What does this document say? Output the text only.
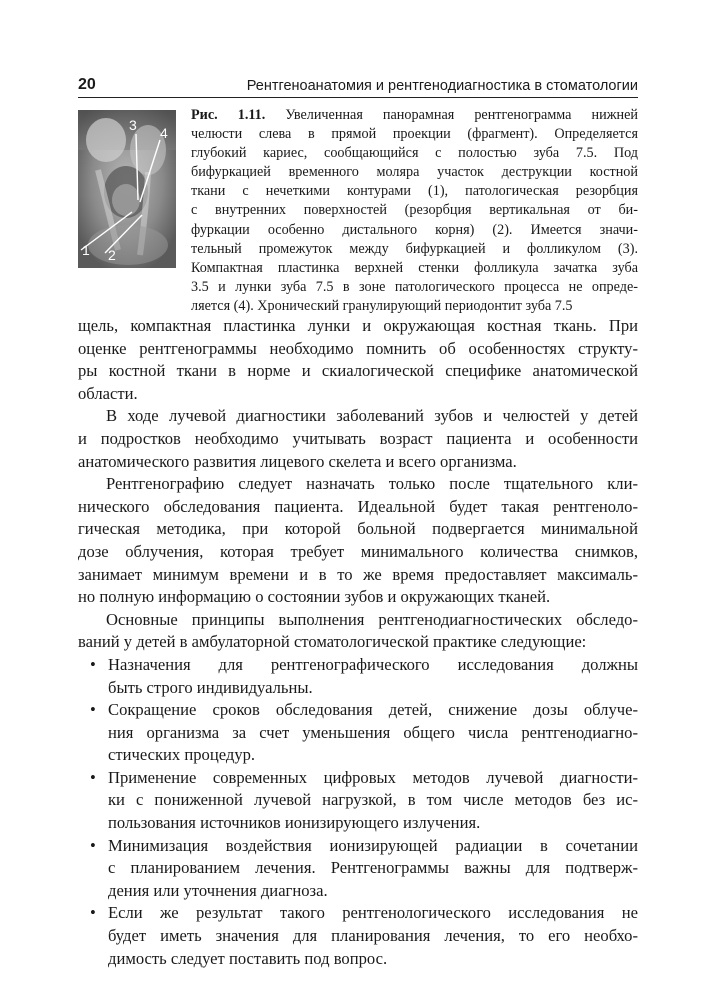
20	Рентгеноанатомия и рентгенодиагностика в стоматологии
1 2
3 4
Рис. 1.11. Увеличенная панорамная рентгенограмма нижней
челюсти слева в прямой проекции (фрагмент). Определяется
глубокий кариес, сообщающийся с полостью зуба 7.5. Под
бифуркацией временного моляра участок деструкции костной
ткани с нечеткими контурами (1), патологическая резорбция
с внутренних поверхностей (резорбция вертикальная от би-
фуркации особенно дистального корня) (2). Имеется значи-
тельный промежуток между бифуркацией и фолликулом (3).
Компактная пластинка верхней стенки фолликула зачатка зуба
3.5 и лунки зуба 7.5 в зоне патологического процесса не опреде-
ляется (4). Хронический гранулирующий периодонтит зуба 7.5
щель, компактная пластинка лунки и окружающая костная ткань. При
оценке рентгенограммы необходимо помнить об особенностях структу-
ры костной ткани в норме и скиалогической специфике анатомической
области.
В ходе лучевой диагностики заболеваний зубов и челюстей у детей
и подростков необходимо учитывать возраст пациента и особенности
анатомического развития лицевого скелета и всего организма.
Рентгенографию следует назначать только после тщательного кли-
нического обследования пациента. Идеальной будет такая рентгеноло-
гическая методика, при которой больной подвергается минимальной
дозе облучения, которая требует минимального количества снимков,
занимает минимум времени и в то же время предоставляет максималь-
но полную информацию о состоянии зубов и окружающих тканей.
Основные принципы выполнения рентгенодиагностических обследо-
ваний у детей в амбулаторной стоматологической практике следующие:
• Назначения для рентгенографического исследования должны
быть строго индивидуальны.
• Сокращение сроков обследования детей, снижение дозы облуче-
ния организма за счет уменьшения общего числа рентгенодиагно-
стических процедур.
• Применение современных цифровых методов лучевой диагности-
ки с пониженной лучевой нагрузкой, в том числе методов без ис-
пользования источников ионизирующего излучения.
• Минимизация воздействия ионизирующей радиации в сочетании
с планированием лечения. Рентгенограммы важны для подтверж-
дения или уточнения диагноза.
• Если же результат такого рентгенологического исследования не
будет иметь значения для планирования лечения, то его необхо-
димость следует поставить под вопрос.
